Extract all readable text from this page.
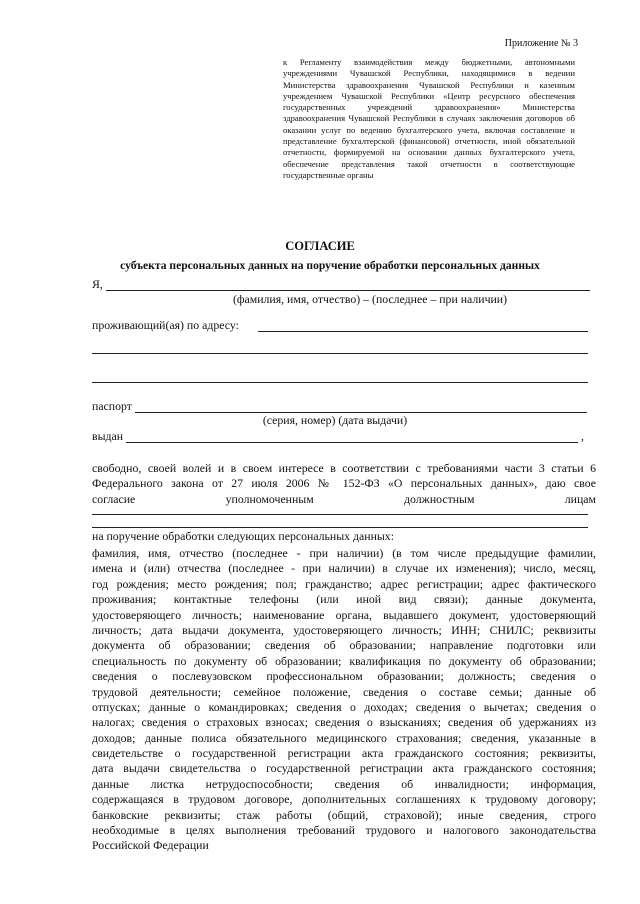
Приложение № 3
к Регламенту взаимодействия между бюджетными, автономными учреждениями Чувашской Республики, находящимися в ведении Министерства здравоохранения Чувашской Республики и казенным учреждением Чувашской Республики «Центр ресурсного обеспечения государственных учреждений здравоохранения» Министерства здравоохранения Чувашской Республики в случаях заключения договоров об оказании услуг по ведению бухгалтерского учета, включая составление и представление бухгалтерской (финансовой) отчетности, иной обязательной отчетности, формируемой на основании данных бухгалтерского учета, обеспечение представления такой отчетности в соответствующие государственные органы
СОГЛАСИЕ
субъекта персональных данных на поручение обработки персональных данных
Я,
(фамилия, имя, отчество) – (последнее – при наличии)
проживающий(ая) по адресу:
паспорт
(серия, номер) (дата выдачи)
выдан	,
свободно, своей волей и в своем интересе в соответствии с требованиями части 3 статьи 6
Федерального закона от 27 июля 2006 № 152-ФЗ «О персональных данных», даю свое
согласие уполномоченным должностным лицам
на поручение обработки следующих персональных данных:
фамилия, имя, отчество (последнее - при наличии) (в том числе предыдущие фамилии,
имена и (или) отчества (последнее - при наличии) в случае их изменения); число, месяц,
год рождения; место рождения; пол; гражданство; адрес регистрации; адрес фактического
проживания; контактные телефоны (или иной вид связи); данные документа,
удостоверяющего личность; наименование органа, выдавшего документ, удостоверяющий
личность; дата выдачи документа, удостоверяющего личность; ИНН; СНИЛС; реквизиты
документа об образовании; сведения об образовании; направление подготовки или
специальность по документу об образовании; квалификация по документу об образовании;
сведения о послевузовском профессиональном образовании; должность; сведения о
трудовой деятельности; семейное положение, сведения о составе семьи; данные об
отпусках; данные о командировках; сведения о доходах; сведения о вычетах; сведения о
налогах; сведения о страховых взносах; сведения о взысканиях; сведения об удержаниях из
доходов; данные полиса обязательного медицинского страхования; сведения, указанные в
свидетельстве о государственной регистрации акта гражданского состояния; реквизиты,
дата выдачи свидетельства о государственной регистрации акта гражданского состояния;
данные листка нетрудоспособности; сведения об инвалидности; информация,
содержащаяся в трудовом договоре, дополнительных соглашениях к трудовому договору;
банковские реквизиты; стаж работы (общий, страховой); иные сведения, строго
необходимые в целях выполнения требований трудового и налогового законодательства
Российской Федерации
